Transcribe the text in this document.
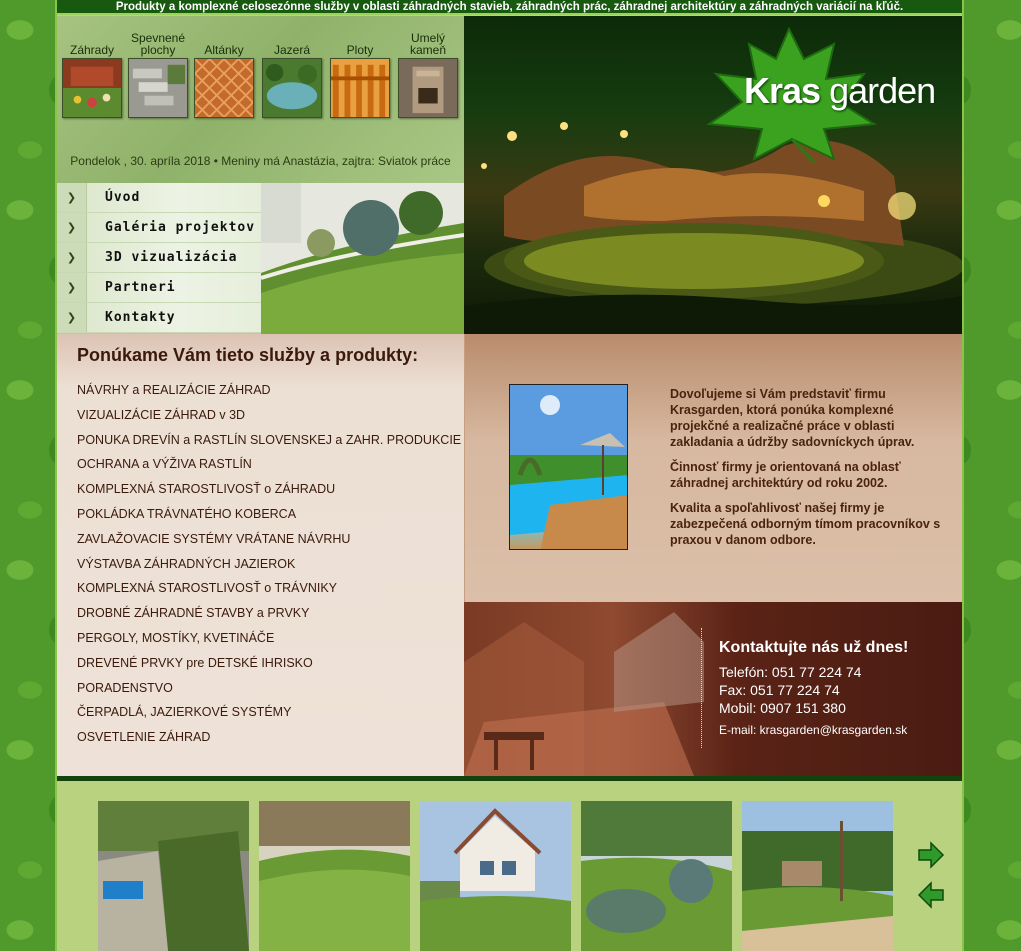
Produkty a komplexné celosezónne služby v oblasti záhradných stavieb, záhradných prác, záhradnej architektúry a záhradných variácií na kľúč.
Záhrady
Spevnené plochy	Altánky	Jazerá	Ploty
Umelý kameň
Pondelok , 30. apríla 2018 • Meniny má Anastázia, zajtra: Sviatok práce
Kras garden
❯	Úvod
❯	Galéria projektov
❯	3D vizualizácia
❯	Partneri
❯	Kontakty
Ponúkame Vám tieto služby a produkty:
NÁVRHY a REALIZÁCIE ZÁHRAD
VIZUALIZÁCIE ZÁHRAD v 3D
PONUKA DREVÍN a RASTLÍN SLOVENSKEJ a ZAHR. PRODUKCIE
OCHRANA a VÝŽIVA RASTLÍN
KOMPLEXNÁ STAROSTLIVOSŤ o ZÁHRADU
POKLÁDKA TRÁVNATÉHO KOBERCA
ZAVLAŽOVACIE SYSTÉMY VRÁTANE NÁVRHU
VÝSTAVBA ZÁHRADNÝCH JAZIEROK
KOMPLEXNÁ STAROSTLIVOSŤ o TRÁVNIKY
DROBNÉ ZÁHRADNÉ STAVBY a PRVKY
PERGOLY, MOSTÍKY, KVETINÁČE
DREVENÉ PRVKY pre DETSKÉ IHRISKO
PORADENSTVO
ČERPADLÁ, JAZIERKOVÉ SYSTÉMY
OSVETLENIE ZÁHRAD
Dovoľujeme si Vám predstaviť firmu Krasgarden, ktorá ponúka komplexné projekčné a realizačné práce v oblasti zakladania a údržby sadovníckych úprav.
Činnosť firmy je orientovaná na oblasť záhradnej architektúry od roku 2002.
Kvalita a spoľahlivosť našej firmy je zabezpečená odborným tímom pracovníkov s praxou v danom odbore.
Kontaktujte nás už dnes!
Telefón: 051 77 224 74
Fax: 051 77 224 74
Mobil: 0907 151 380
E-mail: krasgarden@krasgarden.sk
